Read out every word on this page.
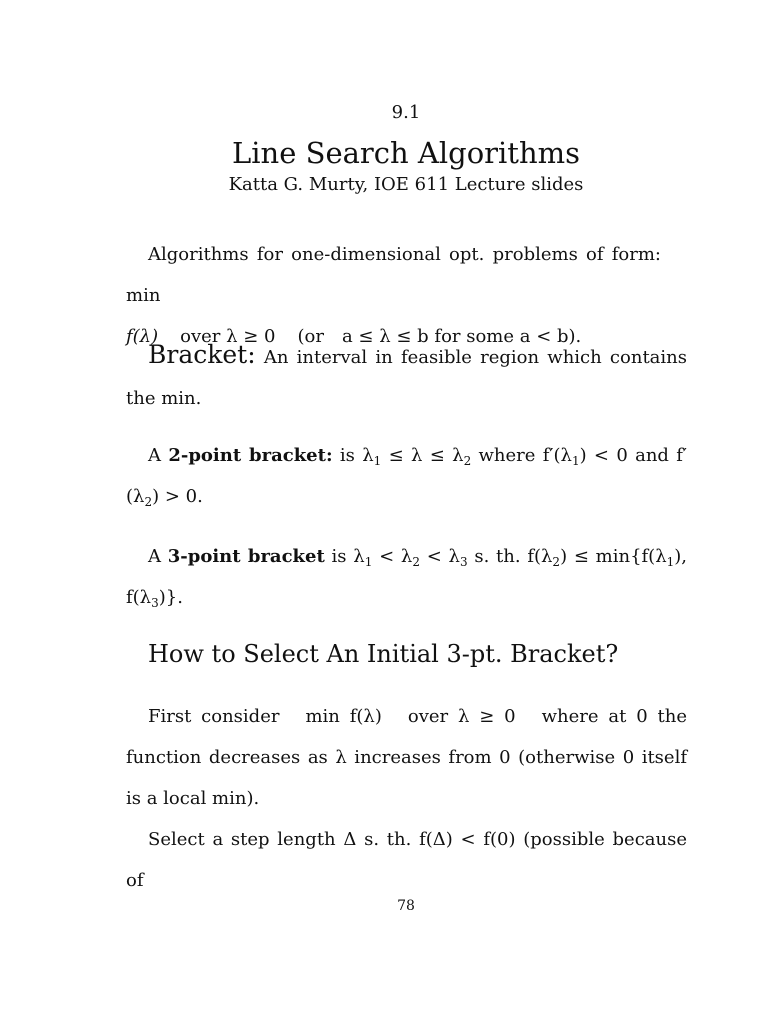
9.1
Line Search Algorithms
Katta G. Murty, IOE 611 Lecture slides
Algorithms for one-dimensional opt. problems of form:min
f(λ) over λ ≥ 0 (or a ≤ λ ≤ b for some a < b).
Bracket: An interval in feasible region which contains the min.
A 2-point bracket: is $\lambda_1 \le \lambda \le \lambda_2$ where $f'(\lambda_1) < 0$ and $f'(\lambda_2) > 0$.
A 3-point bracket is $\lambda_1 < \lambda_2 < \lambda_3$ s. th. $f(\lambda_2) \le \min\{f(\lambda_1)$, $f(\lambda_3)$}.
How to Select An Initial 3-pt. Bracket?
First consider min f(λ) over λ ≥ 0 where at 0 the function decreases as λ increases from 0 (otherwise 0 itself is a local min).
Select a step length Δ s. th. f(Δ) < f(0) (possible because of
78
